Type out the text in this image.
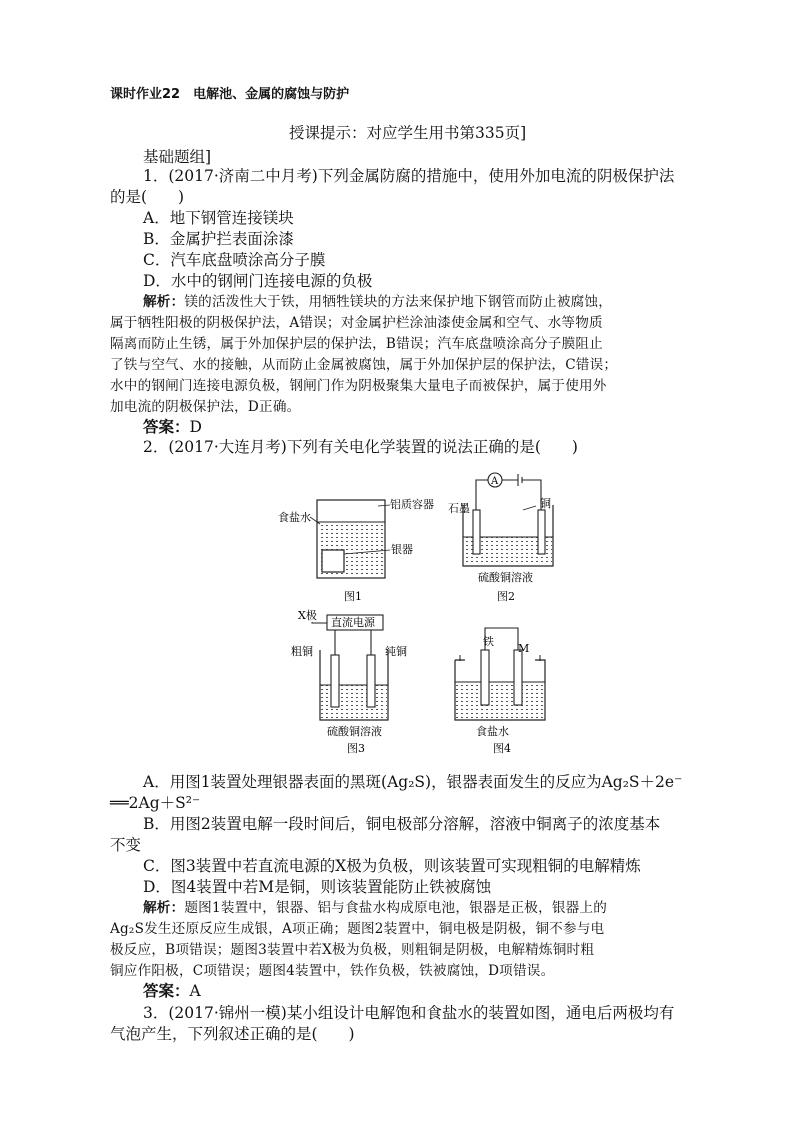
课时作业22　电解池、金属的腐蚀与防护
授课提示：对应学生用书第335页]
基础题组]
1．(2017·济南二中月考)下列金属防腐的措施中，使用外加电流的阴极保护法
的是(　　)
A．地下钢管连接镁块
B．金属护拦表面涂漆
C．汽车底盘喷涂高分子膜
D．水中的钢闸门连接电源的负极
解析：镁的活泼性大于铁，用牺牲镁块的方法来保护地下钢管而防止被腐蚀，
属于牺牲阳极的阴极保护法，A错误；对金属护栏涂油漆使金属和空气、水等物质
隔离而防止生锈，属于外加保护层的保护法，B错误；汽车底盘喷涂高分子膜阻止
了铁与空气、水的接触，从而防止金属被腐蚀，属于外加保护层的保护法，C错误；
水中的钢闸门连接电源负极，钢闸门作为阴极聚集大量电子而被保护，属于使用外
加电流的阴极保护法，D正确。
答案：D
2．(2017·大连月考)下列有关电化学装置的说法正确的是(　　)
食盐水
铝质容器
银器
图1
A
石墨	铜
硫酸铜溶液
图2
X极
直流电源
粗铜	纯铜
硫酸铜溶液
图3
铁
M
食盐水
图4
A．用图1装置处理银器表面的黑斑(Ag₂S)，银器表面发生的反应为Ag₂S＋2e⁻
══2Ag＋S²⁻
B．用图2装置电解一段时间后，铜电极部分溶解，溶液中铜离子的浓度基本
不变
C．图3装置中若直流电源的X极为负极，则该装置可实现粗铜的电解精炼
D．图4装置中若M是铜，则该装置能防止铁被腐蚀
解析：题图1装置中，银器、铝与食盐水构成原电池，银器是正极，银器上的
Ag₂S发生还原反应生成银，A项正确；题图2装置中，铜电极是阴极，铜不参与电
极反应，B项错误；题图3装置中若X极为负极，则粗铜是阴极，电解精炼铜时粗
铜应作阳极，C项错误；题图4装置中，铁作负极，铁被腐蚀，D项错误。
答案：A
3．(2017·锦州一模)某小组设计电解饱和食盐水的装置如图，通电后两极均有
气泡产生，下列叙述正确的是(　　)
